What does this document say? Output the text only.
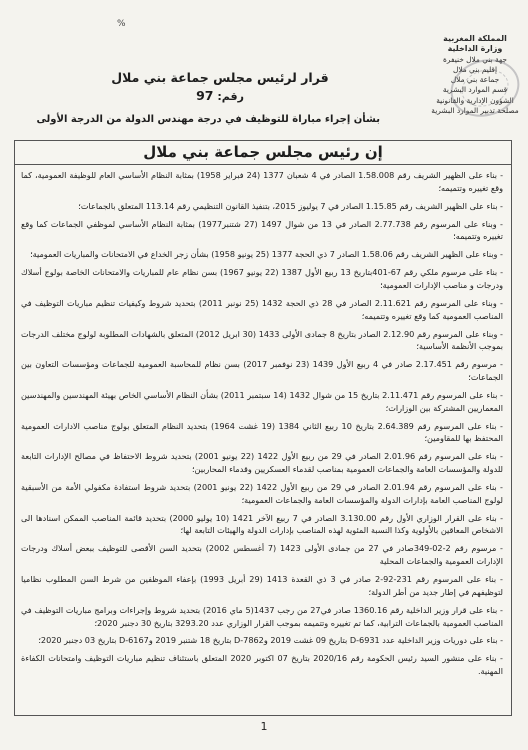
%
المملكة المغربية
وزارة الداخلية
جهة بني ملال خنيفرة
إقليم بني ملال
جماعة بني ملال
قسم الموارد البشرية
الشؤون الإدارية والقانونية
مصلحة تدبير الموارد البشرية
قرار لرئيس مجلس جماعة بني ملال
رقم: 97
بشأن إجراء مباراة للتوظيف في درجة مهندس الدولة من الدرجة الأولى
إن رئيس مجلس جماعة بني ملال
- بناء على الظهير الشريف رقم 1.58.008 الصادر في 4 شعبان 1377 (24 فبراير 1958) بمثابة النظام الأساسي العام للوظيفة العمومية، كما وقع تغييره وتتميمه؛
- بناء على الظهير الشريف رقم 1.15.85 الصادر في 7 يوليوز 2015، بتنفيذ القانون التنظيمي رقم 113.14 المتعلق بالجماعات؛
- وبناء على المرسوم رقم 2.77.738 الصادر في 13 من شوال 1497 (27 شتنبر1977) بمثابة النظام الأساسي لموظفي الجماعات كما وقع تغييره وتتميمه؛
- وبناء على الظهير الشريف رقم 1.58.06 الصادر 7 ذي الحجة 1377 (25 يونيو 1958) بشأن زجر الخداع في الامتحانات والمباريات العمومية؛
- بناء على مرسوم ملكي رقم 67-401بتاريخ 13 ربيع الأول 1387 (22 يونيو 1967) بسن نظام عام للمباريات والامتحانات الخاصة بولوج أسلاك ودرجات و مناصب الإدارات العمومية؛
- وبناء على المرسوم رقم 2.11.621 الصادر في 28 ذي الحجة 1432 (25 نونبر 2011) بتحديد شروط وكيفيات تنظيم مباريات التوظيف في المناصب العمومية كما وقع تغييره وتتميمه؛
- وبناء على المرسوم رقم 2.12.90 الصادر بتاريخ 8 جمادى الأولى 1433 (30 ابريل 2012) المتعلق بالشهادات المطلوبة لولوج مختلف الدرجات بموجب الأنظمة الأساسية؛
- مرسوم رقم 2.17.451 صادر في 4 ربيع الأول 1439 (23 نوفمبر 2017) بسن نظام للمحاسبة العمومية للجماعات ومؤسسات التعاون بين الجماعات؛
- بناء على المرسوم رقم 2.11.471 بتاريخ 15 من شوال 1432 (14 سبتمبر 2011) بشأن النظام الأساسي الخاص بهيئة المهندسين والمهندسين المعماريين المشتركة بين الوزارات؛
- بناء على المرسوم رقم 2.64.389 بتاريخ 10 ربيع الثاني 1384 (19 غشت 1964) بتحديد النظام المتعلق بولوج مناصب الادارات العمومية المحتفظ بها للمقاومين؛
- بناء على المرسوم رقم 2.01.96 الصادر في 29 من ربيع الأول 1422 (22 يونيو 2001) بتحديد شروط الاحتفاظ في مصالح الإدارات التابعة للدولة والمؤسسات العامة والجماعات العمومية بمناصب لقدماء العسكريين وقدماء المحاربين؛
- بناء على المرسوم رقم 2.01.94 الصادر في 29 من ربيع الأول 1422 (22 يونيو 2001) بتحديد شروط استفادة مكفولي الأمة من الأسبقية لولوج المناصب العامة بإدارات الدولة والمؤسسات العامة والجماعات العمومية؛
- بناء على القرار الوزاري الأول رقم 3.130.00 الصادر في 7 ربيع الآخر 1421 (10 يوليو 2000) بتحديد قائمة المناصب الممكن اسنادها الى الاشخاص المعاقين بالأولوية وكذا النسبة المئوية لهذه المناصب بإدارات الدولة والهيئات التابعة لها؛
- مرسوم رقم 2-02-349صادر في 27 من جمادى الأولى 1423 (7 أغسطس 2002) بتحديد السن الأقصى للتوظيف ببعض أسلاك ودرجات الإدارات العمومية والجماعات المحلية
- بناء على المرسوم رقم 231-92-2 صادر في 3 ذي القعدة 1413 (29 أبريل 1993) بإعفاء الموظفين من شرط السن المطلوب نظاميا لتوظيفهم في إطار جديد من أطر الدولة؛
- بناء على قرار وزير الداخلية رقم 1360.16 صادر في27 من رجب 1437(5 ماي 2016) بتحديد شروط وإجراءات وبرامج مباريات التوظيف في المناصب العمومية بالجماعات الترابية، كما تم تغييره وتتميمه بموجب القرار الوزاري عدد 3293.20 بتاريخ 30 دجنبر 2020؛
- بناء على دوريات وزير الداخلية عدد D-6931 بتاريخ 09 غشت 2019 وD-7862 بتاريخ 18 شتنبر 2019 وD-6167 بتاريخ 03 دجنبر 2020؛
- بناء على منشور السيد رئيس الحكومة رقم 2020/16 بتاريخ 07 اكتوبر 2020 المتعلق باستئناف تنظيم مباريات التوظيف وامتحانات الكفاءة المهنية.
1
